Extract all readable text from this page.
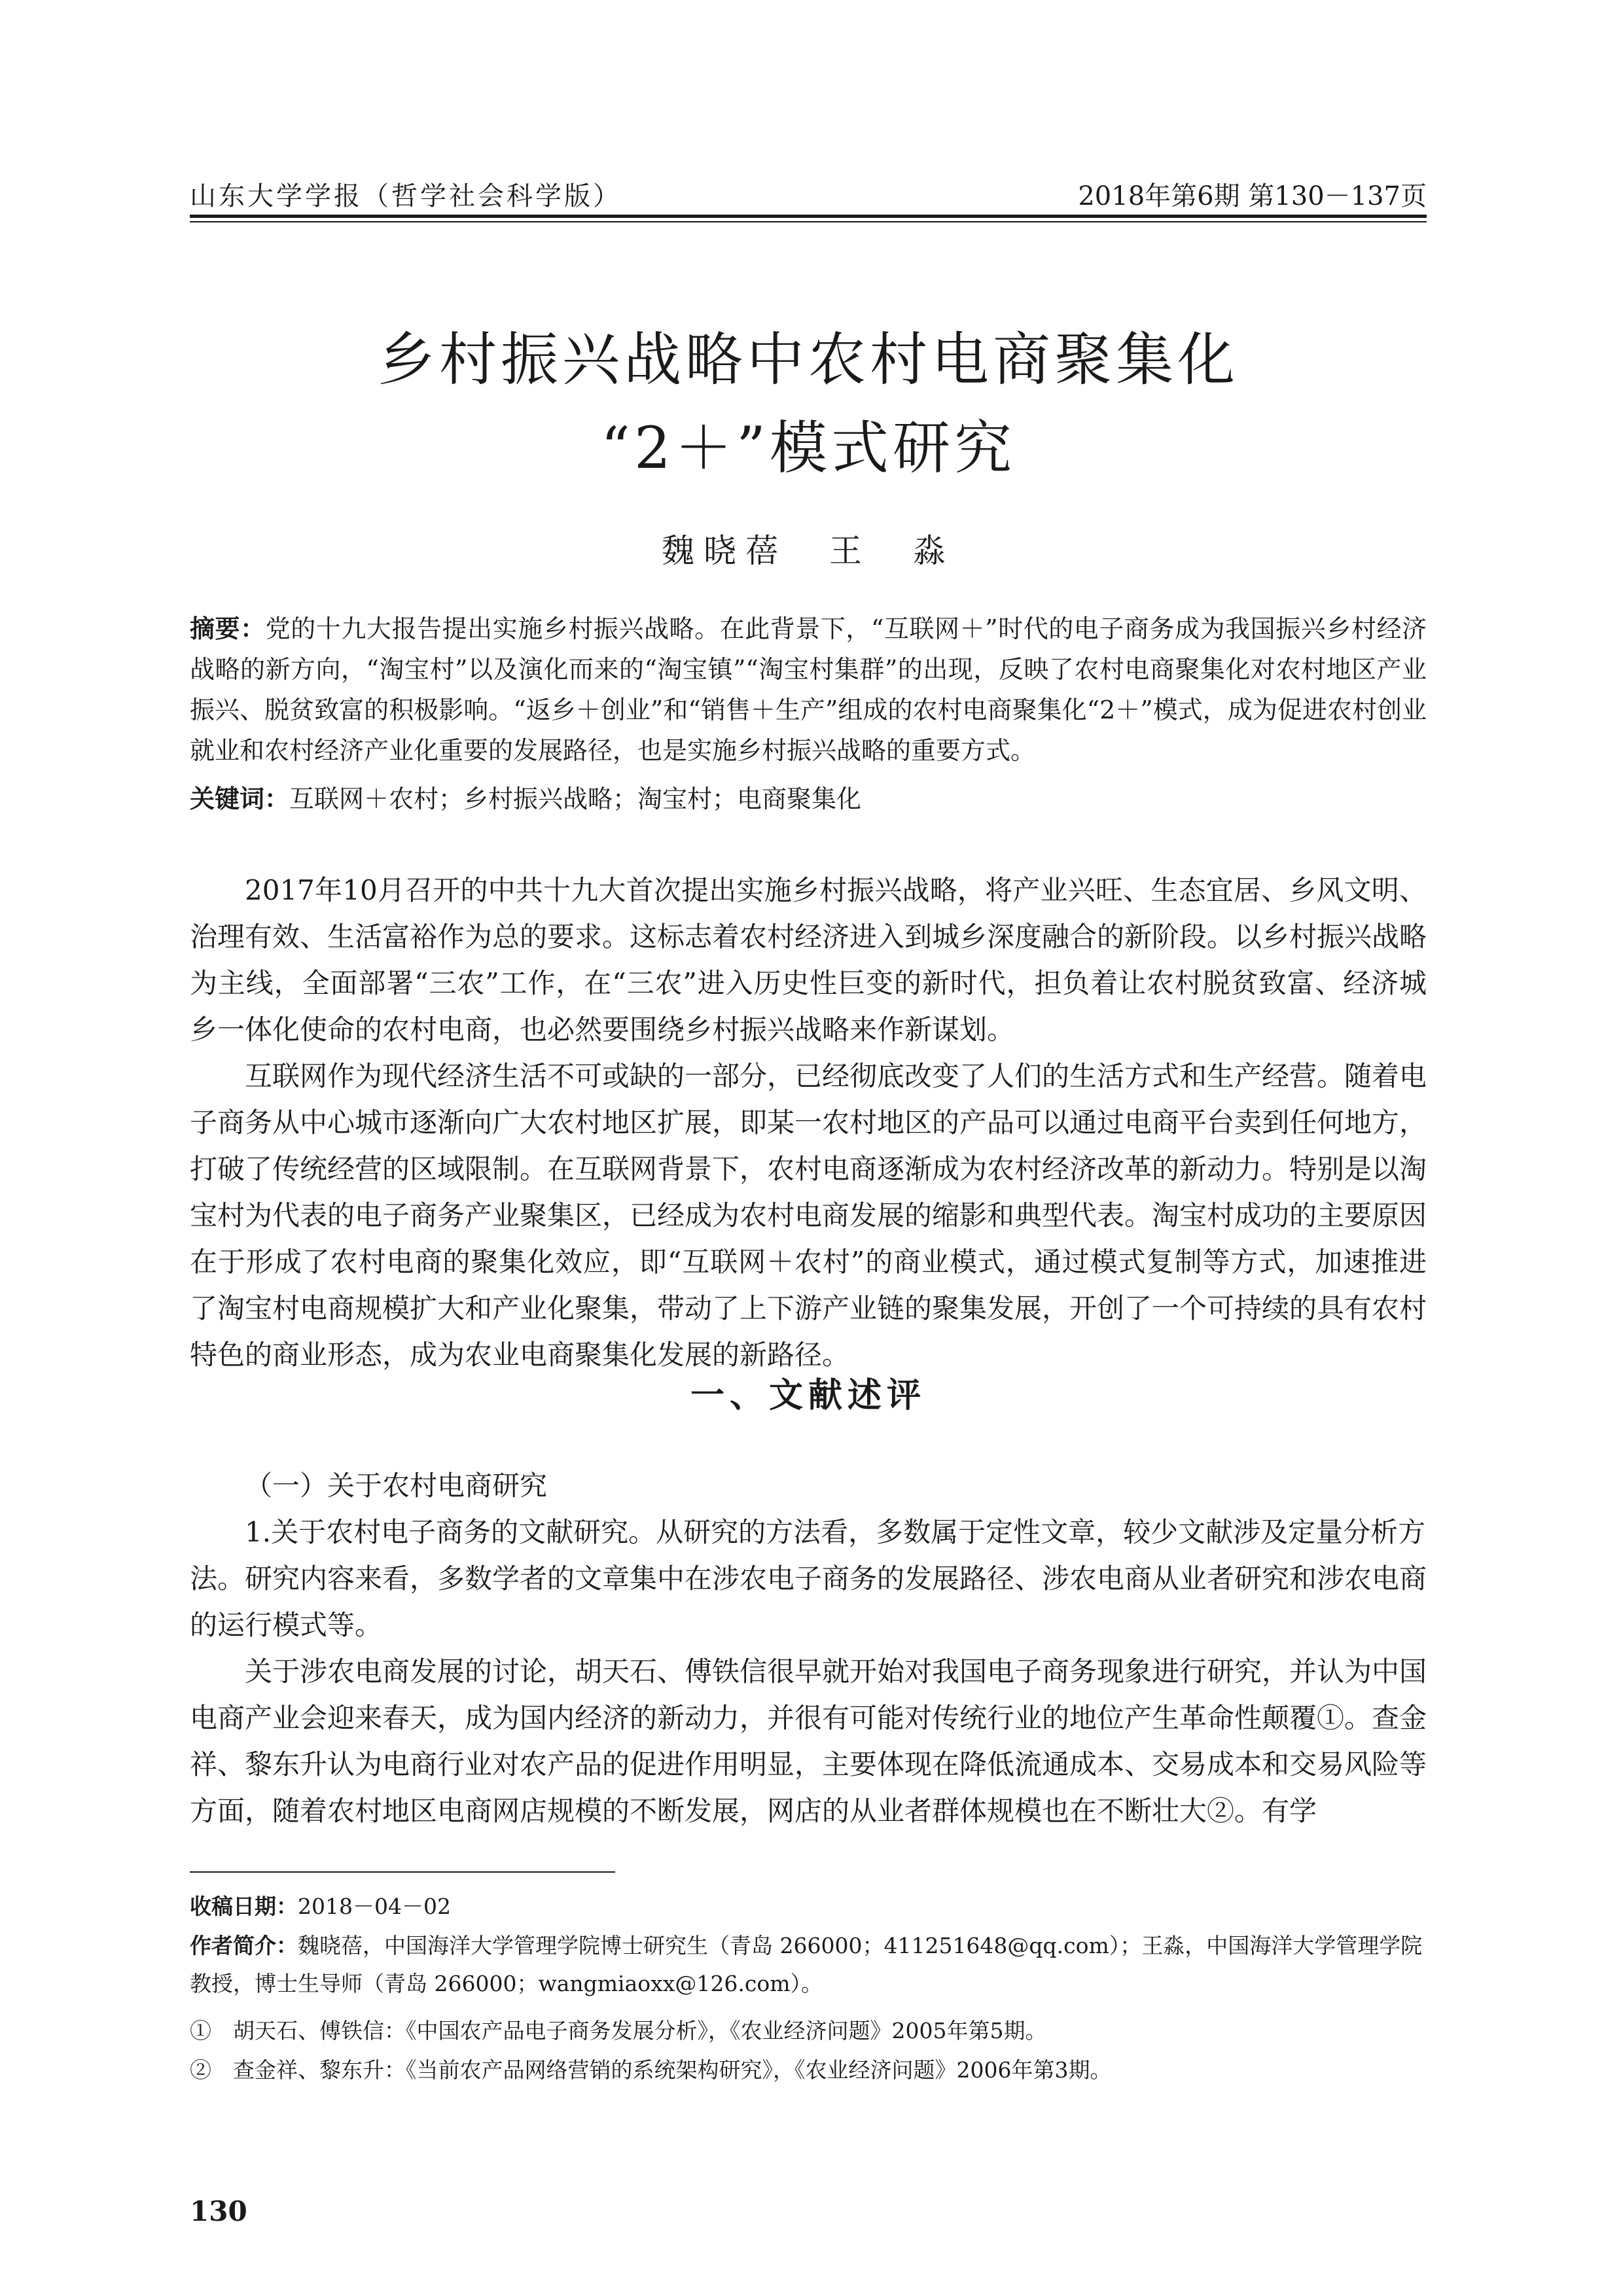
山东大学学报（哲学社会科学版）	2018年第6期 第130－137页
乡村振兴战略中农村电商聚集化
“2＋”模式研究
魏晓蓓　王　淼
摘要：党的十九大报告提出实施乡村振兴战略。在此背景下，“互联网＋”时代的电子商务成为我国振兴乡村经济战略的新方向，“淘宝村”以及演化而来的“淘宝镇”“淘宝村集群”的出现，反映了农村电商聚集化对农村地区产业振兴、脱贫致富的积极影响。“返乡＋创业”和“销售＋生产”组成的农村电商聚集化“2＋”模式，成为促进农村创业就业和农村经济产业化重要的发展路径，也是实施乡村振兴战略的重要方式。
关键词：互联网＋农村；乡村振兴战略；淘宝村；电商聚集化

2017年10月召开的中共十九大首次提出实施乡村振兴战略，将产业兴旺、生态宜居、乡风文明、治理有效、生活富裕作为总的要求。这标志着农村经济进入到城乡深度融合的新阶段。以乡村振兴战略为主线，全面部署“三农”工作，在“三农”进入历史性巨变的新时代，担负着让农村脱贫致富、经济城乡一体化使命的农村电商，也必然要围绕乡村振兴战略来作新谋划。

互联网作为现代经济生活不可或缺的一部分，已经彻底改变了人们的生活方式和生产经营。随着电子商务从中心城市逐渐向广大农村地区扩展，即某一农村地区的产品可以通过电商平台卖到任何地方，打破了传统经营的区域限制。在互联网背景下，农村电商逐渐成为农村经济改革的新动力。特别是以淘宝村为代表的电子商务产业聚集区，已经成为农村电商发展的缩影和典型代表。淘宝村成功的主要原因在于形成了农村电商的聚集化效应，即“互联网＋农村”的商业模式，通过模式复制等方式，加速推进了淘宝村电商规模扩大和产业化聚集，带动了上下游产业链的聚集发展，开创了一个可持续的具有农村特色的商业形态，成为农业电商聚集化发展的新路径。

一、文献述评

（一）关于农村电商研究

1.关于农村电子商务的文献研究。从研究的方法看，多数属于定性文章，较少文献涉及定量分析方法。研究内容来看，多数学者的文章集中在涉农电子商务的发展路径、涉农电商从业者研究和涉农电商的运行模式等。

关于涉农电商发展的讨论，胡天石、傅铁信很早就开始对我国电子商务现象进行研究，并认为中国电商产业会迎来春天，成为国内经济的新动力，并很有可能对传统行业的地位产生革命性颠覆①。查金祥、黎东升认为电商行业对农产品的促进作用明显，主要体现在降低流通成本、交易成本和交易风险等方面，随着农村地区电商网店规模的不断发展，网店的从业者群体规模也在不断壮大②。有学

收稿日期：2018－04－02
作者简介：魏晓蓓，中国海洋大学管理学院博士研究生（青岛 266000；411251648@qq.com）；王淼，中国海洋大学管理学院教授，博士生导师（青岛 266000；wangmiaoxx@126.com）。
①　胡天石、傅铁信：《中国农产品电子商务发展分析》，《农业经济问题》2005年第5期。
②　查金祥、黎东升：《当前农产品网络营销的系统架构研究》，《农业经济问题》2006年第3期。
130
